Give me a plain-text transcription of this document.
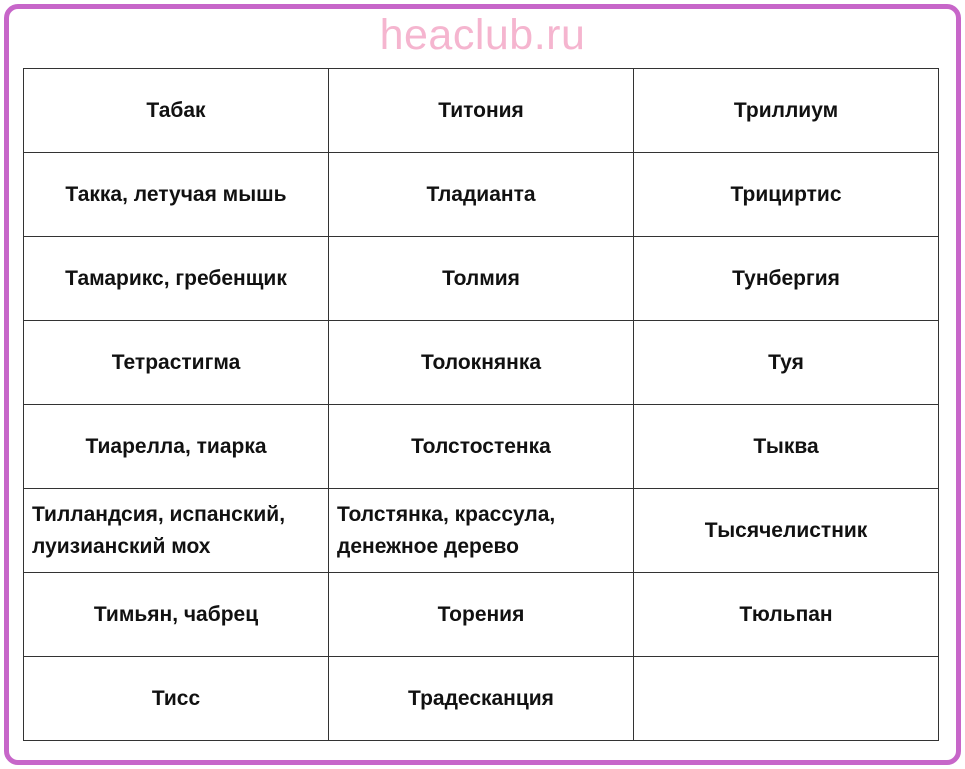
heaclub.ru
Табак	Титония	Триллиум
Такка, летучая мышь	Тладианта	Трициртис
Тамарикс, гребенщик	Толмия	Тунбергия
Тетрастигма	Толокнянка	Туя
Тиарелла, тиарка	Толстостенка	Тыква
Тилландсия, испанский, луизианский мох	Толстянка, крассула, денежное дерево	Тысячелистник
Тимьян, чабрец	Торения	Тюльпан
Тисс	Традесканция	
